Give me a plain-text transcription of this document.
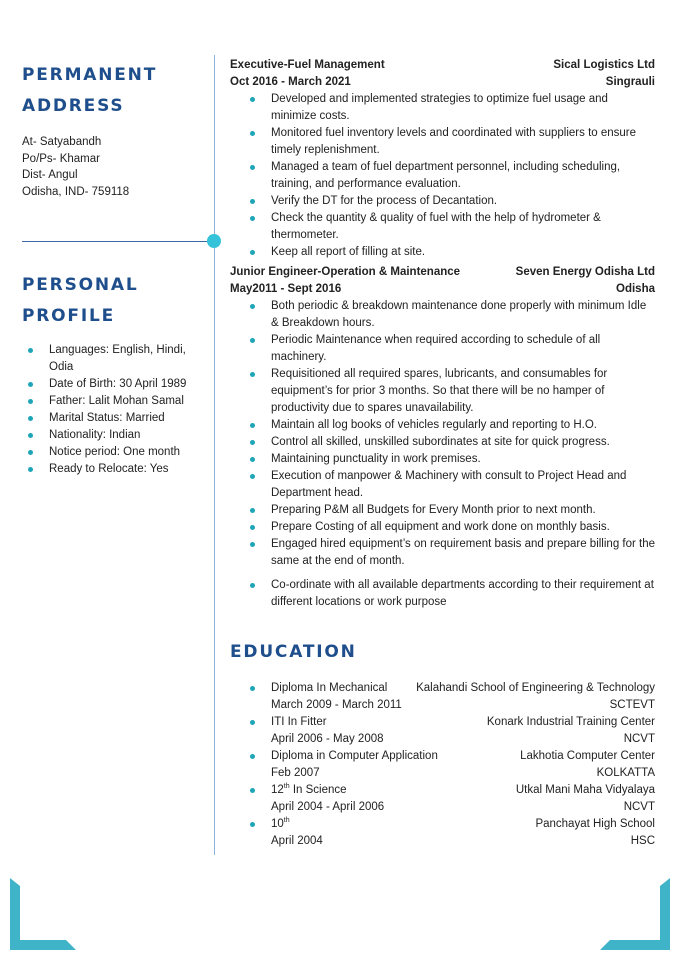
PERMANENT
ADDRESS
At- Satyabandh
Po/Ps- Khamar
Dist- Angul
Odisha, IND- 759118
PERSONAL
PROFILE
Languages: English, Hindi, Odia
Date of Birth: 30 April 1989
Father: Lalit Mohan Samal
Marital Status: Married
Nationality: Indian
Notice period: One month
Ready to Relocate: Yes
Executive-Fuel Management	Sical Logistics Ltd
Oct 2016 - March 2021	Singrauli
Developed and implemented strategies to optimize fuel usage and minimize costs.
Monitored fuel inventory levels and coordinated with suppliers to ensure timely replenishment.
Managed a team of fuel department personnel, including scheduling, training, and performance evaluation.
Verify the DT for the process of Decantation.
Check the quantity & quality of fuel with the help of hydrometer & thermometer.
Keep all report of filling at site.
Junior Engineer-Operation & Maintenance	Seven Energy Odisha Ltd
May2011 - Sept 2016	Odisha
Both periodic & breakdown maintenance done properly with minimum Idle & Breakdown hours.
Periodic Maintenance when required according to schedule of all machinery.
Requisitioned all required spares, lubricants, and consumables for equipment’s for prior 3 months. So that there will be no hamper of productivity due to spares unavailability.
Maintain all log books of vehicles regularly and reporting to H.O.
Control all skilled, unskilled subordinates at site for quick progress.
Maintaining punctuality in work premises.
Execution of manpower & Machinery with consult to Project Head and Department head.
Preparing P&M all Budgets for Every Month prior to next month.
Prepare Costing of all equipment and work done on monthly basis.
Engaged hired equipment’s on requirement basis and prepare billing for the same at the end of month.
Co-ordinate with all available departments according to their requirement at different locations or work purpose
EDUCATION
Diploma In Mechanical	Kalahandi School of Engineering & Technology
March 2009 - March 2011	SCTEVT
ITI In Fitter	Konark Industrial Training Center
April 2006 - May 2008	NCVT
Diploma in Computer Application	Lakhotia Computer Center
Feb 2007	KOLKATTA
12th In Science	Utkal Mani Maha Vidyalaya
April 2004 - April 2006	NCVT
10th	Panchayat High School
April 2004	HSC
